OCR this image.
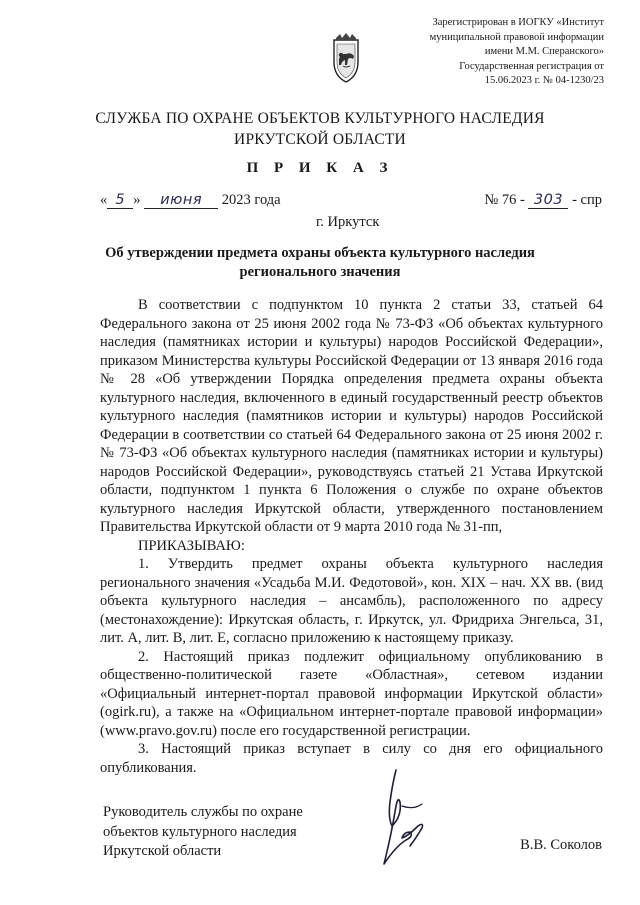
Зарегистрирован в ИОГКУ «Институт
муниципальной правовой информации
имени М.М. Сперанского»
Государственная регистрация от
15.06.2023 г. № 04-1230/23
СЛУЖБА ПО ОХРАНЕ ОБЪЕКТОВ КУЛЬТУРНОГО НАСЛЕДИЯ
ИРКУТСКОЙ ОБЛАСТИ
П Р И К А З
« 5 » июня 2023 года	№ 76 - 303 - спр
г. Иркутск
Об утверждении предмета охраны объекта культурного наследия
регионального значения

В соответствии с подпунктом 10 пункта 2 статьи 33, статьей 64 Федерального закона от 25 июня 2002 года № 73-ФЗ «Об объектах культурного наследия (памятниках истории и культуры) народов Российской Федерации», приказом Министерства культуры Российской Федерации от 13 января 2016 года № 28 «Об утверждении Порядка определения предмета охраны объекта культурного наследия, включенного в единый государственный реестр объектов культурного наследия (памятников истории и культуры) народов Российской Федерации в соответствии со статьей 64 Федерального закона от 25 июня 2002 г. № 73-ФЗ «Об объектах культурного наследия (памятниках истории и культуры) народов Российской Федерации», руководствуясь статьей 21 Устава Иркутской области, подпунктом 1 пункта 6 Положения о службе по охране объектов культурного наследия Иркутской области, утвержденного постановлением Правительства Иркутской области от 9 марта 2010 года № 31-пп,

ПРИКАЗЫВАЮ:

1. Утвердить предмет охраны объекта культурного наследия регионального значения «Усадьба М.И. Федотовой», кон. XIX – нач. XX вв. (вид объекта культурного наследия – ансамбль), расположенного по адресу (местонахождение): Иркутская область, г. Иркутск, ул. Фридриха Энгельса, 31, лит. А, лит. В, лит. Е, согласно приложению к настоящему приказу.

2. Настоящий приказ подлежит официальному опубликованию в общественно-политической газете «Областная», сетевом издании «Официальный интернет-портал правовой информации Иркутской области» (ogirk.ru), а также на «Официальном интернет-портале правовой информации» (www.pravo.gov.ru) после его государственной регистрации.

3. Настоящий приказ вступает в силу со дня его официального опубликования.

Руководитель службы по охране
объектов культурного наследия
Иркутской области	В.В. Соколов
